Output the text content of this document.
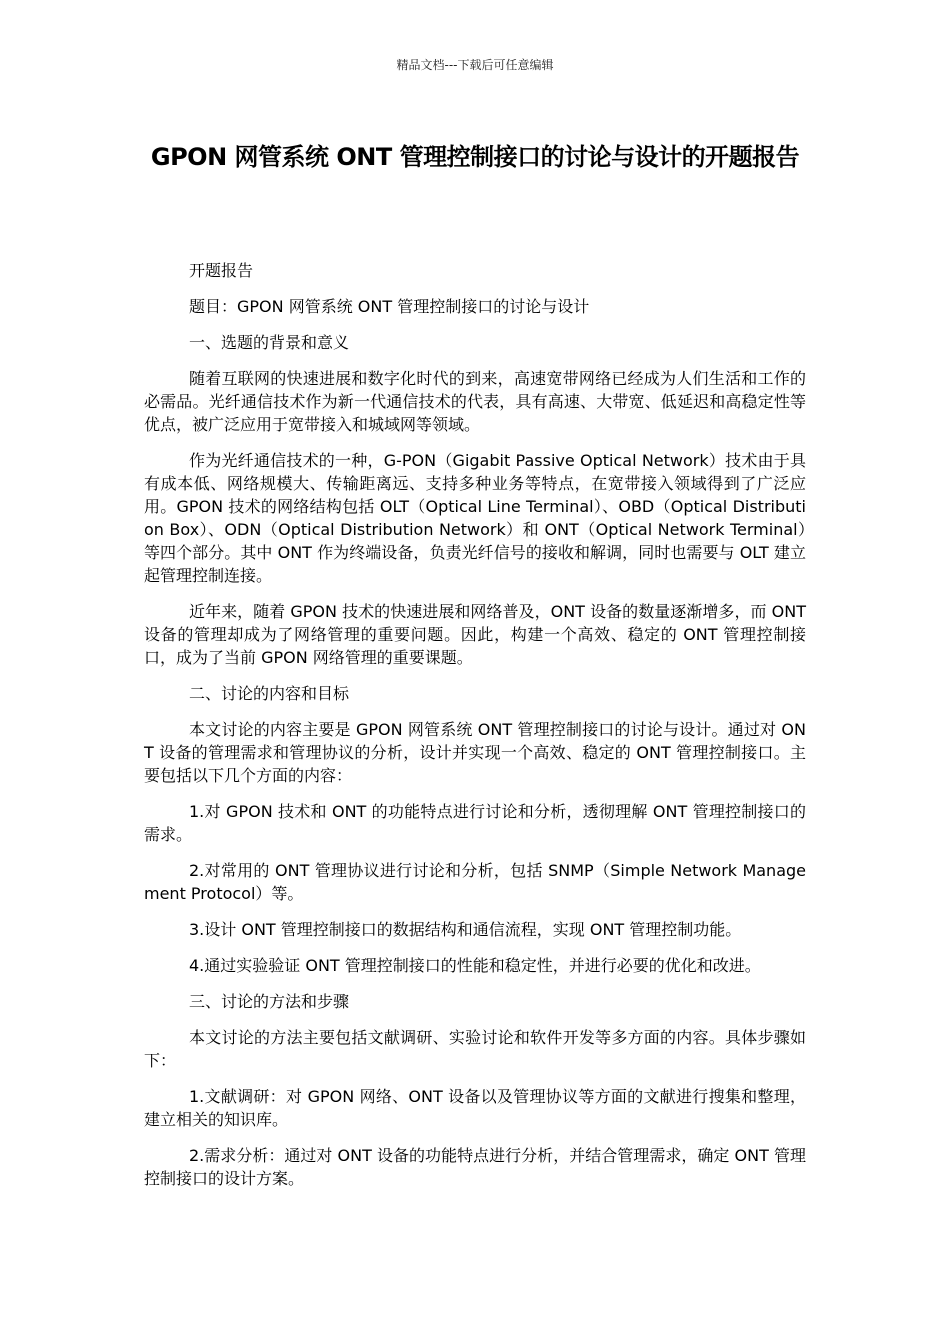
精品文档---下载后可任意编辑
GPON 网管系统 ONT 管理控制接口的讨论与设计的开题报告

开题报告

题目：GPON 网管系统 ONT 管理控制接口的讨论与设计

一、选题的背景和意义

随着互联网的快速进展和数字化时代的到来，高速宽带网络已经成为人们生活和工作的必需品。光纤通信技术作为新一代通信技术的代表，具有高速、大带宽、低延迟和高稳定性等优点，被广泛应用于宽带接入和城域网等领域。

作为光纤通信技术的一种，G-PON（Gigabit Passive Optical Network）技术由于具有成本低、网络规模大、传输距离远、支持多种业务等特点，在宽带接入领域得到了广泛应用。GPON 技术的网络结构包括 OLT（Optical Line Terminal）、OBD（Optical Distribution Box）、ODN（Optical Distribution Network）和 ONT（Optical Network Terminal）等四个部分。其中 ONT 作为终端设备，负责光纤信号的接收和解调，同时也需要与 OLT 建立起管理控制连接。

近年来，随着 GPON 技术的快速进展和网络普及，ONT 设备的数量逐渐增多，而 ONT 设备的管理却成为了网络管理的重要问题。因此，构建一个高效、稳定的 ONT 管理控制接口，成为了当前 GPON 网络管理的重要课题。

二、讨论的内容和目标

本文讨论的内容主要是 GPON 网管系统 ONT 管理控制接口的讨论与设计。通过对 ONT 设备的管理需求和管理协议的分析，设计并实现一个高效、稳定的 ONT 管理控制接口。主要包括以下几个方面的内容：

1.对 GPON 技术和 ONT 的功能特点进行讨论和分析，透彻理解 ONT 管理控制接口的需求。

2.对常用的 ONT 管理协议进行讨论和分析，包括 SNMP（Simple Network Management Protocol）等。

3.设计 ONT 管理控制接口的数据结构和通信流程，实现 ONT 管理控制功能。

4.通过实验验证 ONT 管理控制接口的性能和稳定性，并进行必要的优化和改进。

三、讨论的方法和步骤

本文讨论的方法主要包括文献调研、实验讨论和软件开发等多方面的内容。具体步骤如下：

1.文献调研：对 GPON 网络、ONT 设备以及管理协议等方面的文献进行搜集和整理，建立相关的知识库。

2.需求分析：通过对 ONT 设备的功能特点进行分析，并结合管理需求，确定 ONT 管理控制接口的设计方案。
